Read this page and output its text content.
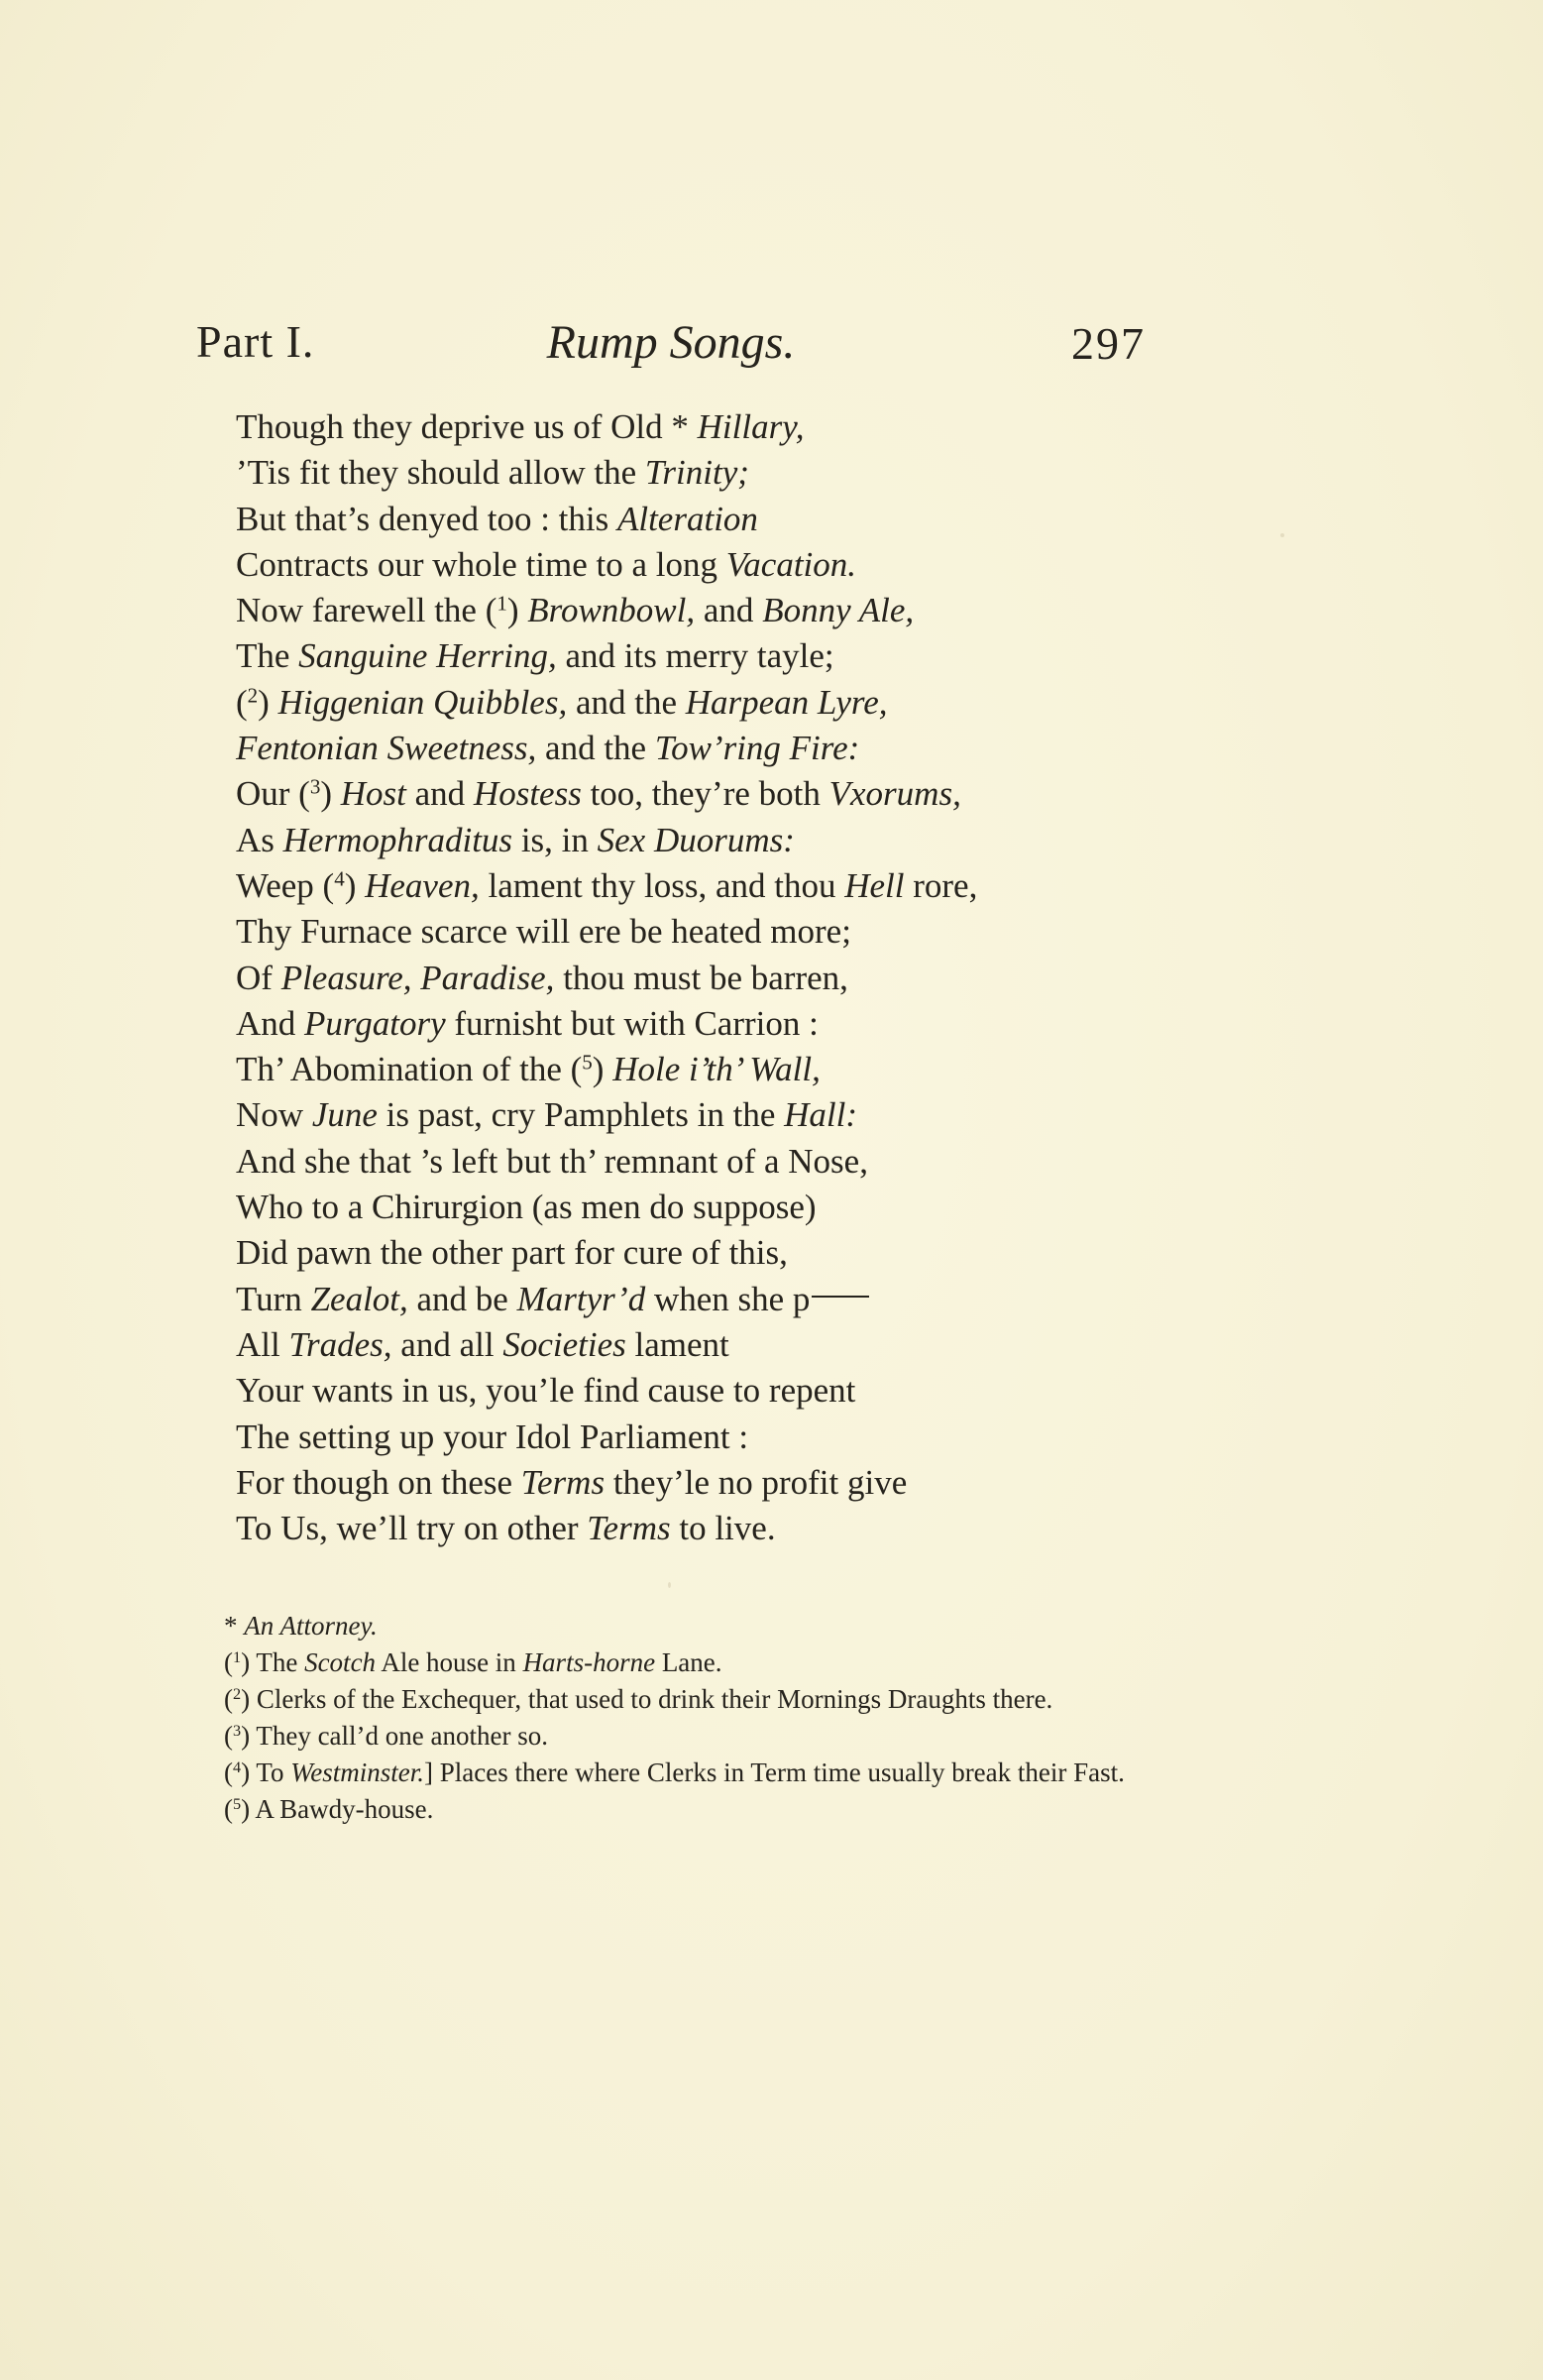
Part I.	Rump Songs.	297
Though they deprive us of Old * Hillary,
’Tis fit they should allow the Trinity;
But that’s denyed too : this Alteration
Contracts our whole time to a long Vacation.
Now farewell the ($^1$) Brownbowl, and Bonny Ale,
The Sanguine Herring, and its merry tayle;
($^2$) Higgenian Quibbles, and the Harpean Lyre,
Fentonian Sweetness, and the Tow’ring Fire:
Our ($^3$) Host and Hostess too, they’re both Vxorums,
As Hermophraditus is, in Sex Duorums:
Weep ($^4$) Heaven, lament thy loss, and thou Hell rore,
Thy Furnace scarce will ere be heated more;
Of Pleasure, Paradise, thou must be barren,
And Purgatory furnisht but with Carrion :
Th’ Abomination of the ($^5$) Hole i’th’ Wall,
Now June is past, cry Pamphlets in the Hall:
And she that ’s left but th’ remnant of a Nose,
Who to a Chirurgion (as men do suppose)
Did pawn the other part for cure of this,
Turn Zealot, and be Martyr’d when she p
All Trades, and all Societies lament
Your wants in us, you’le find cause to repent
The setting up your Idol Parliament :
For though on these Terms they’le no profit give
To Us, we’ll try on other Terms to live.
* An Attorney.
($^1$) The Scotch Ale house in Harts-horne Lane.
($^2$) Clerks of the Exchequer, that used to drink their Mornings Draughts there.
($^3$) They call’d one another so.
($^4$) To Westminster.] Places there where Clerks in Term time usually break their Fast.
($^5$) A Bawdy-house.
